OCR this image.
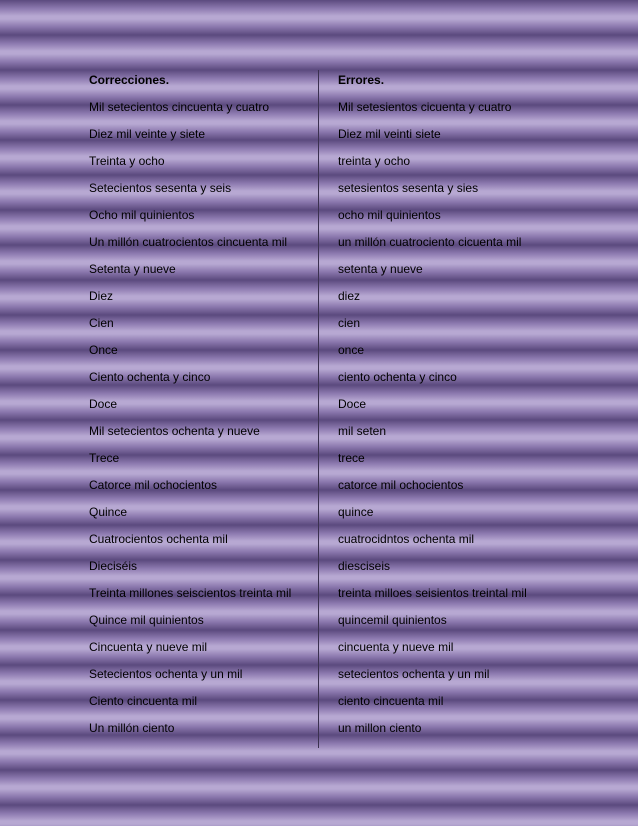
Correcciones.
Mil setecientos cincuenta y cuatro
Diez mil veinte y siete
Treinta y ocho
Setecientos sesenta y seis
Ocho mil quinientos
Un millón cuatrocientos cincuenta mil
Setenta y nueve
Diez
Cien
Once
Ciento ochenta y cinco
Doce
Mil setecientos ochenta y nueve
Trece
Catorce mil ochocientos
Quince
Cuatrocientos ochenta mil
Dieciséis
Treinta millones seiscientos treinta mil
Quince mil quinientos
Cincuenta y nueve mil
Setecientos ochenta y un mil
Ciento cincuenta mil
Un millón ciento
Errores.
Mil setesientos cicuenta y cuatro
Diez mil veinti siete
treinta y ocho
setesientos sesenta y sies
ocho mil quinientos
un millón cuatrociento cicuenta mil
setenta y nueve
diez
cien
once
ciento ochenta y cinco
Doce
mil seten
trece
catorce mil ochocientos
quince
cuatrocidntos ochenta mil
diesciseis
treinta milloes seisientos treintal mil
quincemil quinientos
cincuenta y nueve mil
setecientos ochenta y un mil
ciento cincuenta mil
un millon ciento
